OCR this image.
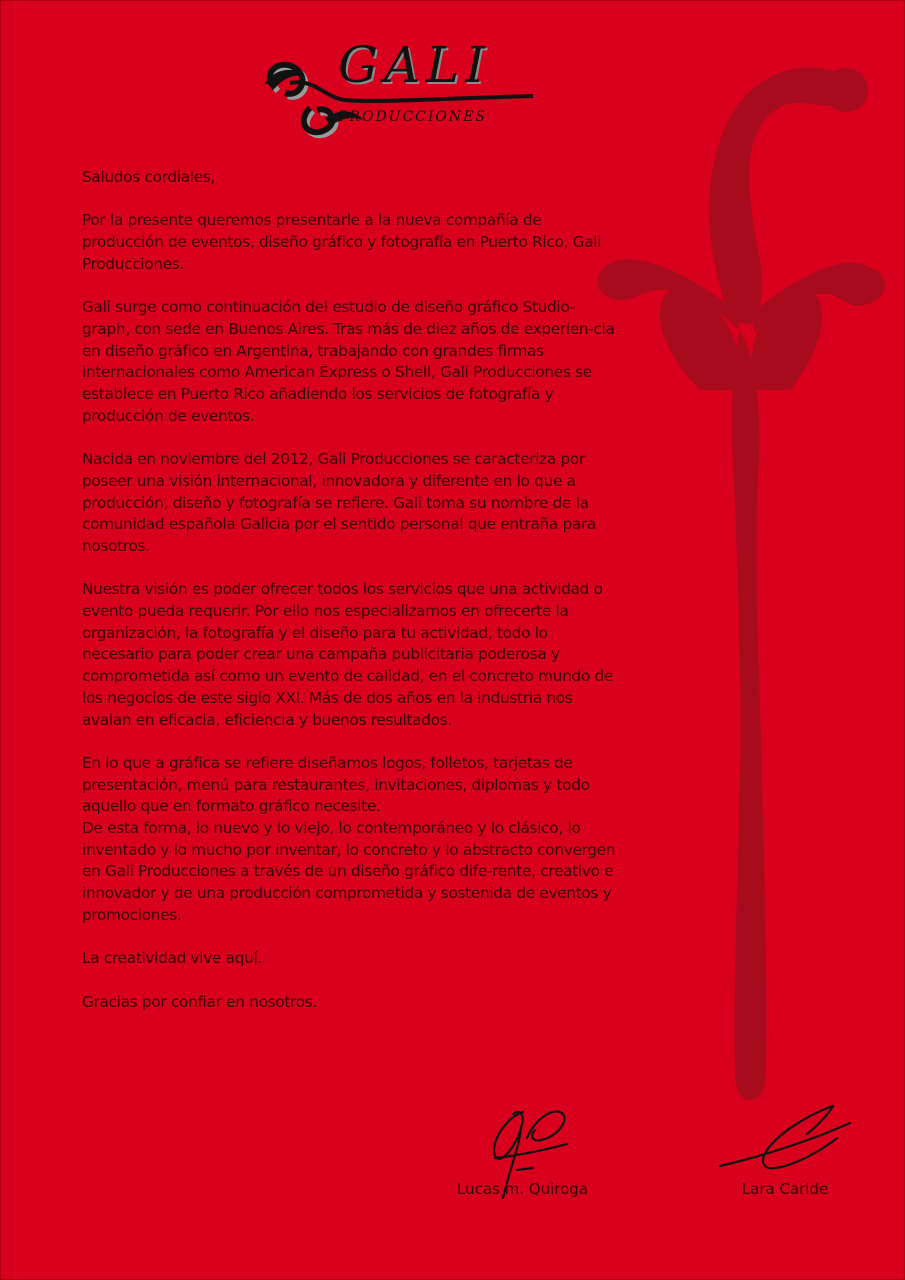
GALI
PRODUCCIONES

Saludos cordiales,

Por la presente queremos presentarle a la nueva compañía de producción de eventos, diseño gráfico y fotografía en Puerto Rico, Gali Producciones.

Gali surge como continuación del estudio de diseño gráfico Studio-graph, con sede en Buenos Aires. Tras más de diez años de experien-cia en diseño gráfico en Argentina, trabajando con grandes firmas internacionales como American Express o Shell, Gali Producciones se establece en Puerto Rico añadiendo los servicios de fotografía y producción de eventos.

Nacida en noviembre del 2012, Gali Producciones se caracteriza por poseer una visión internacional, innovadora y diferente en lo que a producción, diseño y fotografía se refiere. Gali toma su nombre de la comunidad española Galicia por el sentido personal que entraña para nosotros.

Nuestra visión es poder ofrecer todos los servicios que una actividad o evento pueda requerir. Por ello nos especializamos en ofrecerte la organización, la fotografía y el diseño para tu actividad, todo lo necesario para poder crear una campaña publicitaria poderosa y comprometida así como un evento de calidad, en el concreto mundo de los negocios de este siglo XXI. Más de dos años en la industria nos avalan en eficacia, eficiencia y buenos resultados.

En lo que a gráfica se refiere diseñamos logos, folletos, tarjetas de presentación, menú para restaurantes, invitaciones, diplomas y todo aquello que en formato gráfico necesite.

De esta forma, lo nuevo y lo viejo, lo contemporáneo y lo clásico, lo inventado y lo mucho por inventar, lo concreto y lo abstracto convergen en Gali Producciones a través de un diseño gráfico dife-rente, creativo e innovador y de una producción comprometida y sostenida de eventos y promociones.

La creatividad vive aquí.

Gracias por confiar en nosotros.

Lucas m. Quiroga	Lara Caride
